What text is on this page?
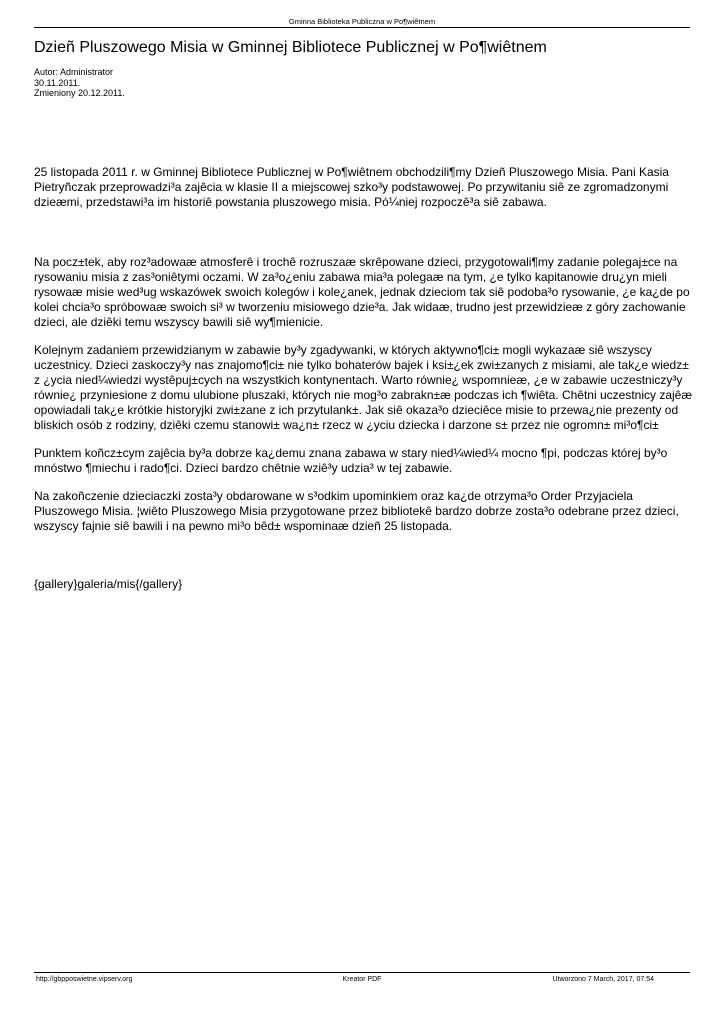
Gminna Biblioteka Publiczna w Po¶wiêtnem
Dzieñ Pluszowego Misia w Gminnej Bibliotece Publicznej w Po¶wiêtnem
Autor: Administrator
30.11.2011.
Zmieniony 20.12.2011.

25 listopada 2011 r. w Gminnej Bibliotece Publicznej w Po¶wiêtnem obchodzili¶my Dzieñ Pluszowego Misia. Pani Kasia Pietryñczak przeprowadzi³a zajêcia w klasie II a miejscowej szko³y podstawowej. Po przywitaniu siê ze zgromadzonymi dzieæmi, przedstawi³a im historiê powstania pluszowego misia. Pó¼niej rozpoczê³a siê zabawa.

Na pocz±tek, aby roz³adowaæ atmosferê i trochê rozruszaæ skrêpowane dzieci, przygotowali¶my zadanie polegaj±ce na rysowaniu misia z zas³oniêtymi oczami. W za³o¿eniu zabawa mia³a polegaæ na tym, ¿e tylko kapitanowie dru¿yn mieli rysowaæ misie wed³ug wskazówek swoich kolegów i kole¿anek, jednak dzieciom tak siê podoba³o rysowanie, ¿e ka¿de po kolei chcia³o spróbowaæ swoich si³ w tworzeniu misiowego dzie³a. Jak widaæ, trudno jest przewidzieæ z góry zachowanie dzieci, ale dziêki temu wszyscy bawili siê wy¶mienicie.

Kolejnym zadaniem przewidzianym w zabawie by³y zgadywanki, w których aktywno¶ci± mogli wykazaæ siê wszyscy uczestnicy. Dzieci zaskoczy³y nas znajomo¶ci± nie tylko bohaterów bajek i ksi±¿ek zwi±zanych z misiami, ale tak¿e wiedz± z ¿ycia nied¼wiedzi wystêpuj±cych na wszystkich kontynentach. Warto równie¿ wspomnieæ, ¿e w zabawie uczestniczy³y równie¿ przyniesione z domu ulubione pluszaki, których nie mog³o zabrakn±æ podczas ich ¶wiêta. Chêtni uczestnicy zajêæ opowiadali tak¿e krótkie historyjki zwi±zane z ich przytulank±. Jak siê okaza³o dzieciêce misie to przewa¿nie prezenty od bliskich osób z rodziny, dziêki czemu stanowi± wa¿n± rzecz w ¿yciu dziecka i darzone s± przez nie ogromn± mi³o¶ci±

Punktem koñcz±cym zajêcia by³a dobrze ka¿demu znana zabawa w stary nied¼wied¼ mocno ¶pi, podczas której by³o mnóstwo ¶miechu i rado¶ci. Dzieci bardzo chêtnie wziê³y udzia³ w tej zabawie.

Na zakoñczenie dzieciaczki zosta³y obdarowane w s³odkim upominkiem oraz ka¿de otrzyma³o Order Przyjaciela Pluszowego Misia. ¦wiêto Pluszowego Misia przygotowane przez bibliotekê bardzo dobrze zosta³o odebrane przez dzieci, wszyscy fajnie siê bawili i na pewno mi³o bêd± wspominaæ dzieñ 25 listopada.

{gallery}galeria/mis{/gallery}

Kreator PDF
http://gbpposwietne.vipserv.org	Utworzono 7 March, 2017, 07:54
